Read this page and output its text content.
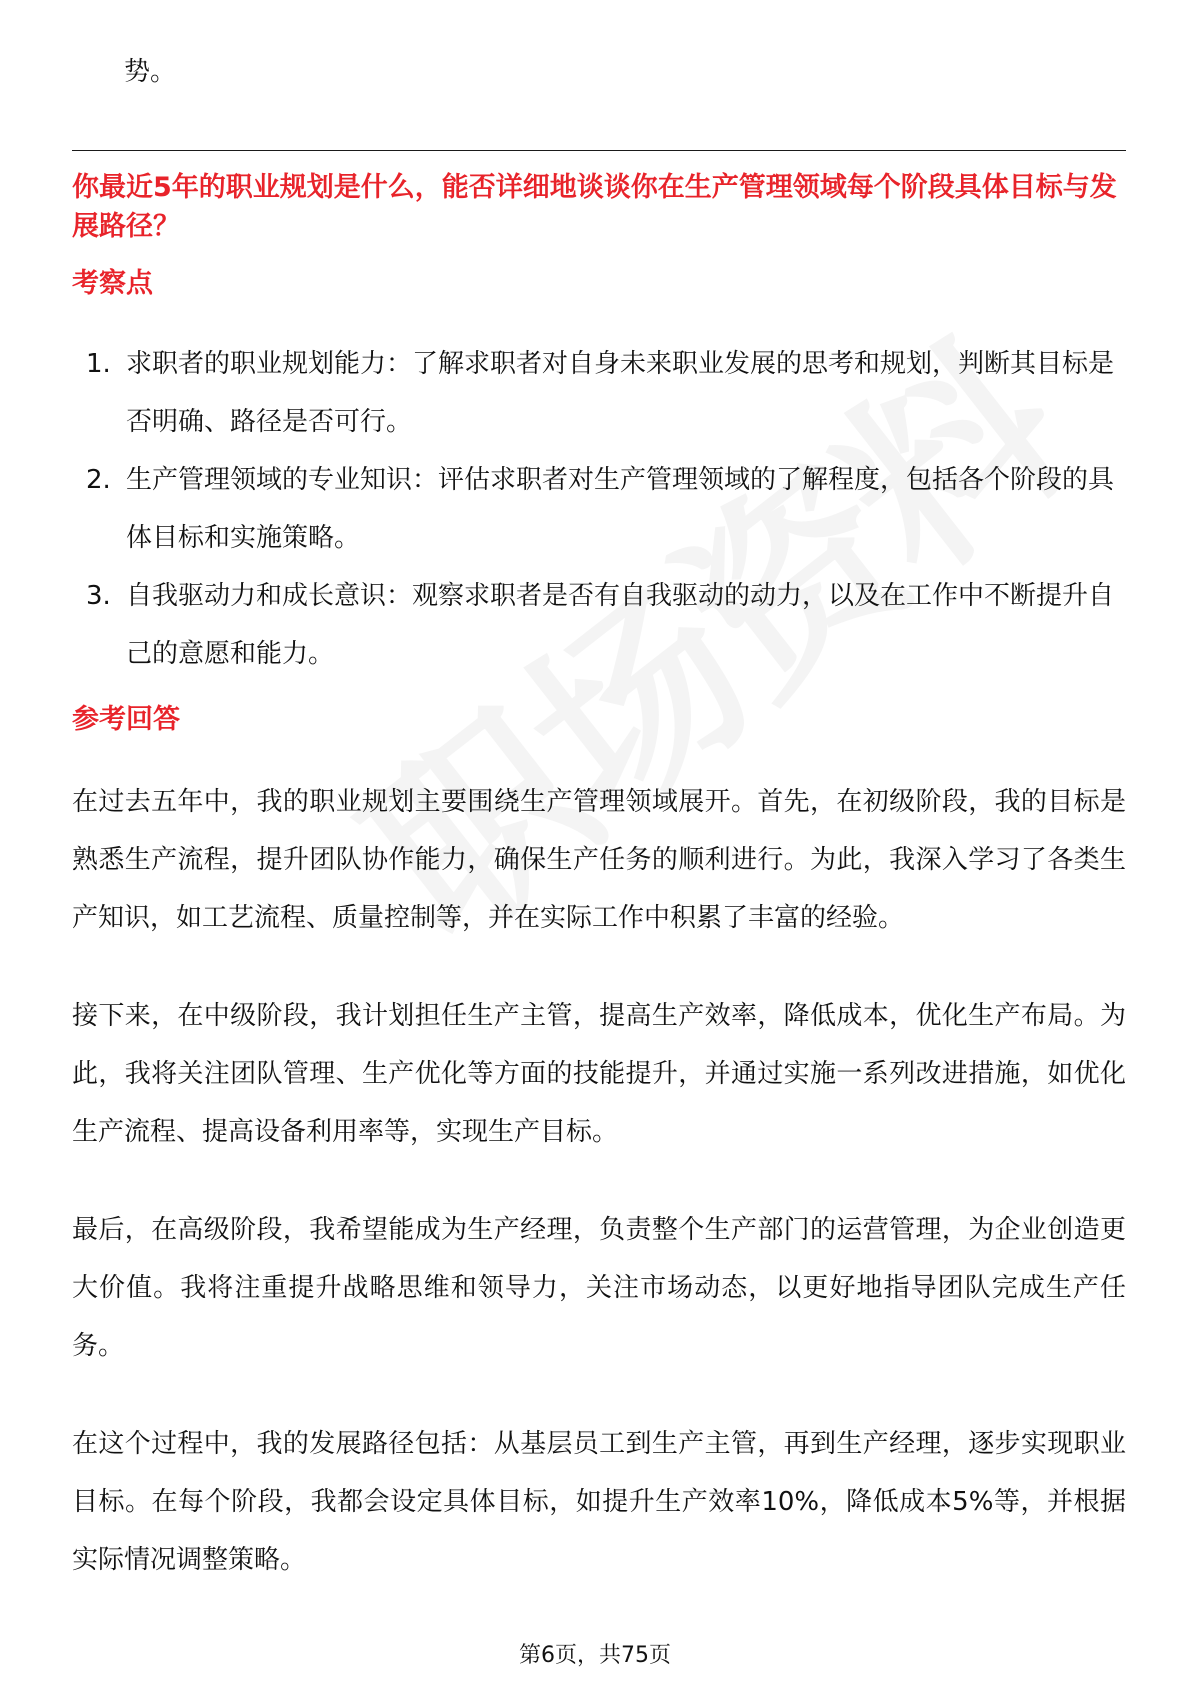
势。
你最近5年的职业规划是什么，能否详细地谈谈你在生产管理领域每个阶段具体目标与发展路径？
考察点
1. 求职者的职业规划能力：了解求职者对自身未来职业发展的思考和规划，判断其目标是否明确、路径是否可行。
2. 生产管理领域的专业知识：评估求职者对生产管理领域的了解程度，包括各个阶段的具体目标和实施策略。
3. 自我驱动力和成长意识：观察求职者是否有自我驱动的动力，以及在工作中不断提升自己的意愿和能力。
参考回答

在过去五年中，我的职业规划主要围绕生产管理领域展开。首先，在初级阶段，我的目标是熟悉生产流程，提升团队协作能力，确保生产任务的顺利进行。为此，我深入学习了各类生产知识，如工艺流程、质量控制等，并在实际工作中积累了丰富的经验。

接下来，在中级阶段，我计划担任生产主管，提高生产效率，降低成本，优化生产布局。为此，我将关注团队管理、生产优化等方面的技能提升，并通过实施一系列改进措施，如优化生产流程、提高设备利用率等，实现生产目标。

最后，在高级阶段，我希望能成为生产经理，负责整个生产部门的运营管理，为企业创造更大价值。我将注重提升战略思维和领导力，关注市场动态，以更好地指导团队完成生产任务。

在这个过程中，我的发展路径包括：从基层员工到生产主管，再到生产经理，逐步实现职业目标。在每个阶段，我都会设定具体目标，如提升生产效率10%，降低成本5%等，并根据实际情况调整策略。

第6页，共75页
